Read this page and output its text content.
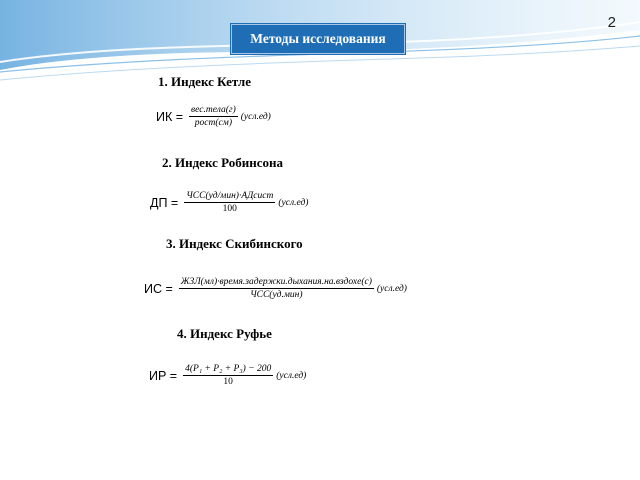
2
Методы исследования
1. Индекс Кетле
ИК = $\frac{\text{вес.тела(г)}}{\text{рост(см)}} (усл.ед)$
2. Индекс Робинсона
ДП = $\frac{\text{ЧСС(уд/мин)·АДсист}}{100} (усл.ед)$
3. Индекс Скибинского
ИС = $\frac{\text{ЖЗЛ(мл)·время.задержки.дыхания.на.вздохе(с)}}{\text{ЧСС(уд.мин)}} (усл.ед)$
4. Индекс Руфье
ИР = $\frac{\text{4(P₁ + P₂ + P₃) − 200}}{10} (усл.ед)$
